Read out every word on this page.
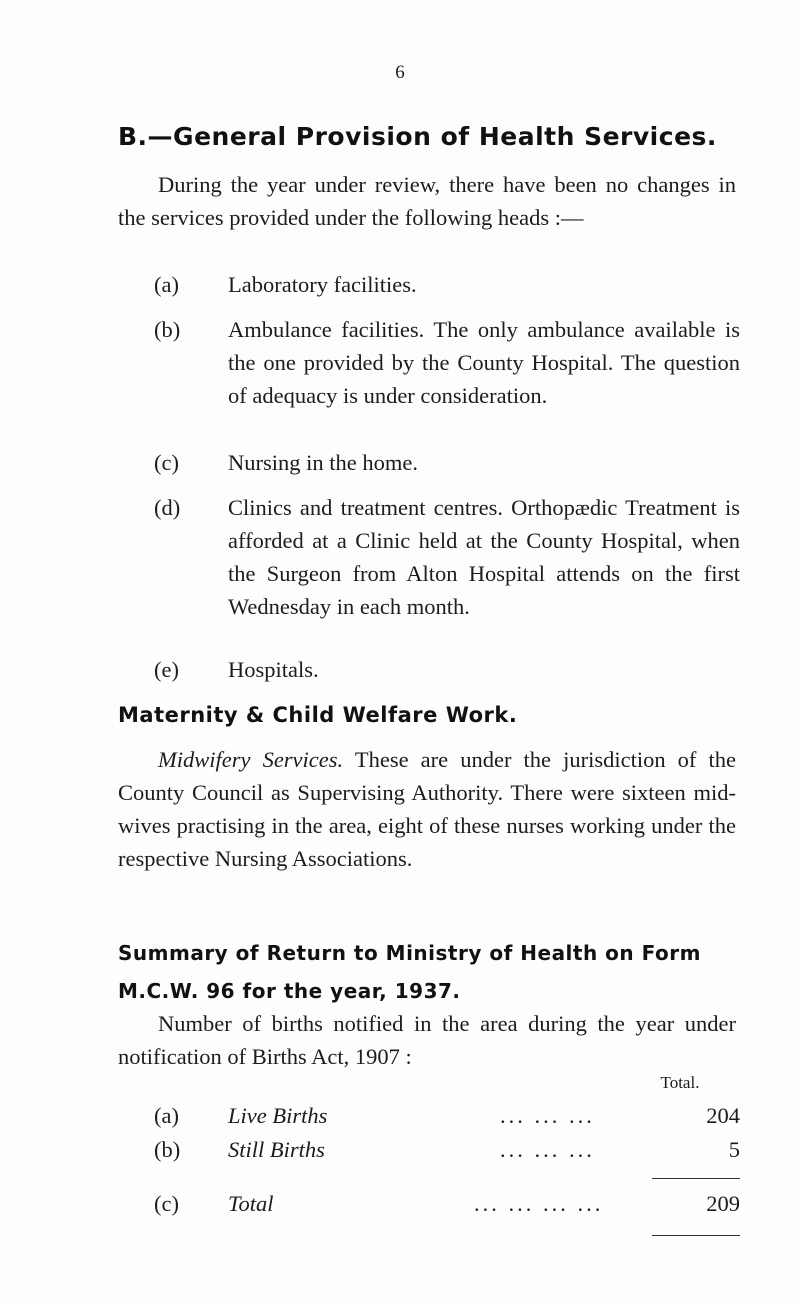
6
B.—General Provision of Health Services.

During the year under review, there have been no changes in the services provided under the following heads :—

(a) Laboratory facilities.
(b) Ambulance facilities. The only ambulance available is the one provided by the County Hospital. The question of adequacy is under consideration.
(c) Nursing in the home.
(d) Clinics and treatment centres. Orthopædic Treatment is afforded at a Clinic held at the County Hospital, when the Surgeon from Alton Hospital attends on the first Wednesday in each month.
(e) Hospitals.
Maternity & Child Welfare Work.

Midwifery Services. These are under the jurisdiction of the County Council as Supervising Authority. There were sixteen mid-wives practising in the area, eight of these nurses working under the respective Nursing Associations.

Summary of Return to Ministry of Health on Form M.C.W. 96 for the year, 1937.

Number of births notified in the area during the year under notification of Births Act, 1907 :

Total.
(a) Live Births	... ... ...	204
(b) Still Births	... ... ...	5
(c) Total	... ... ... ...	209
